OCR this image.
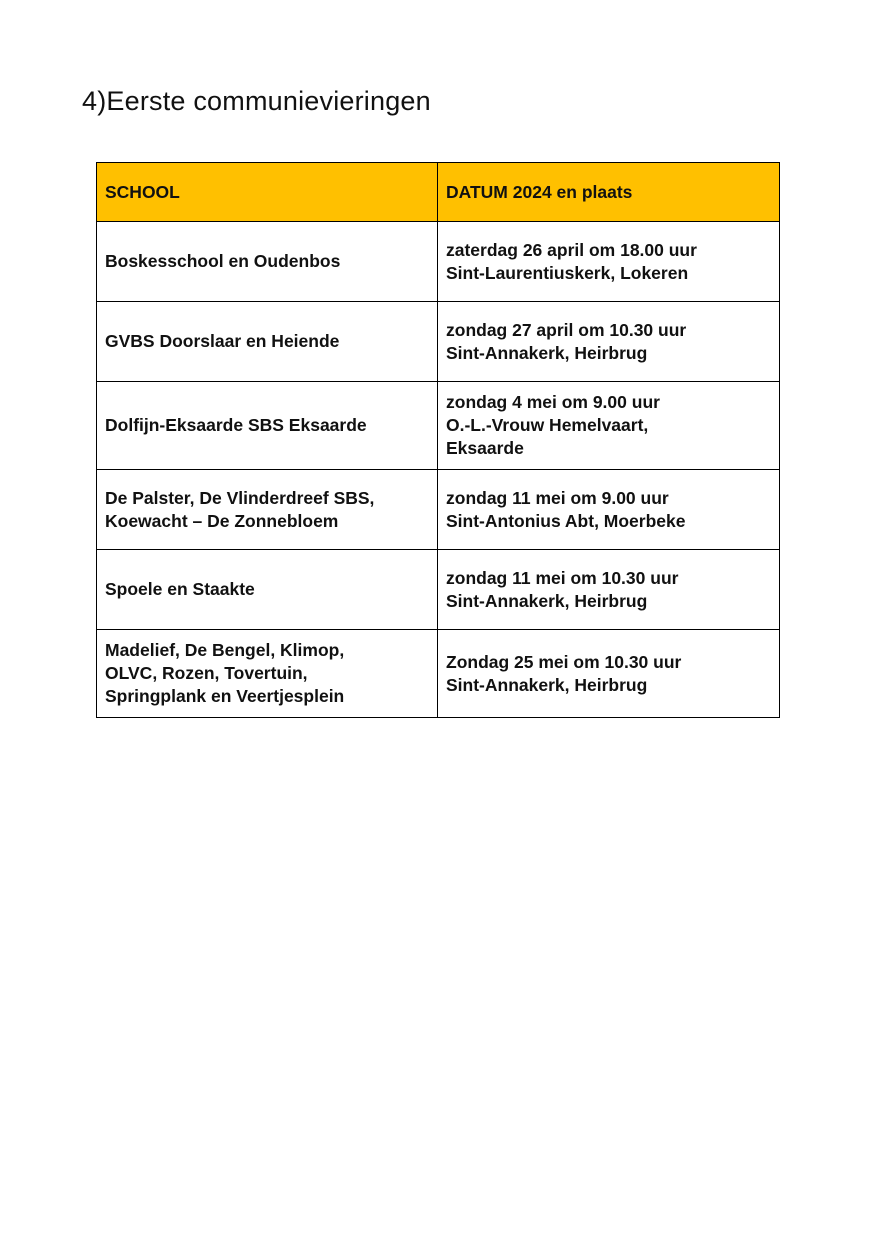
4)Eerste communievieringen
SCHOOL	DATUM 2024 en plaats
Boskesschool en Oudenbos	zaterdag 26 april om 18.00 uur
Sint-Laurentiuskerk, Lokeren
GVBS Doorslaar en Heiende	zondag 27 april om 10.30 uur
Sint-Annakerk, Heirbrug
Dolfijn-Eksaarde SBS Eksaarde	zondag 4 mei om 9.00 uur
O.-L.-Vrouw Hemelvaart,
Eksaarde
De Palster, De Vlinderdreef SBS,
Koewacht – De Zonnebloem	zondag 11 mei om 9.00 uur
Sint-Antonius Abt, Moerbeke
Spoele en Staakte	zondag 11 mei om 10.30 uur
Sint-Annakerk, Heirbrug
Madelief, De Bengel, Klimop,
OLVC, Rozen, Tovertuin,
Springplank en Veertjesplein	Zondag 25 mei om 10.30 uur
Sint-Annakerk, Heirbrug
